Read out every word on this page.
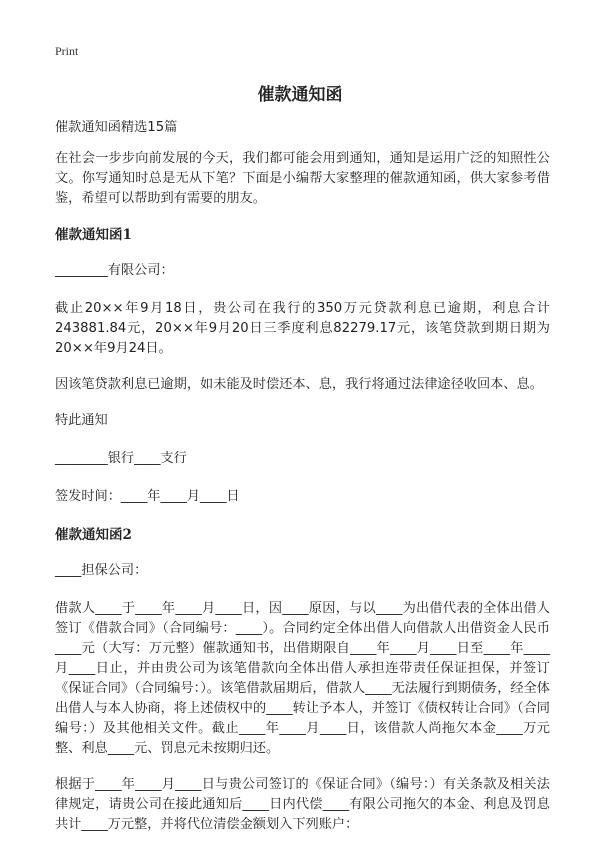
Print
催款通知函

催款通知函精选15篇

在社会一步步向前发展的今天，我们都可能会用到通知，通知是运用广泛的知照性公文。你写通知时总是无从下笔？下面是小编帮大家整理的催款通知函，供大家参考借鉴，希望可以帮助到有需要的朋友。

催款通知函1

________有限公司：

截止20××年9月18日，贵公司在我行的350万元贷款利息已逾期，利息合计243881.84元，20××年9月20日三季度利息82279.17元，该笔贷款到期日期为20××年9月24日。

因该笔贷款利息已逾期，如未能及时偿还本、息，我行将通过法律途径收回本、息。

特此通知

________银行____支行

签发时间：____年____月____日

催款通知函2

____担保公司：

借款人____于____年____月____日，因____原因，与以____为出借代表的全体出借人签订《借款合同》（合同编号：____）。合同约定全体出借人向借款人出借资金人民币____元（大写：万元整）催款通知书，出借期限自____年____月____日至____年____月____日止，并由贵公司为该笔借款向全体出借人承担连带责任保证担保，并签订《保证合同》（合同编号：）。该笔借款届期后，借款人____无法履行到期债务，经全体出借人与本人协商，将上述债权中的____转让予本人，并签订《债权转让合同》（合同编号：）及其他相关文件。截止____年____月____日，该借款人尚拖欠本金____万元整、利息____元、罚息元未按期归还。

根据于____年____月____日与贵公司签订的《保证合同》（编号：）有关条款及相关法律规定，请贵公司在接此通知后____日内代偿____有限公司拖欠的本金、利息及罚息共计____万元整，并将代位清偿金额划入下列账户：
